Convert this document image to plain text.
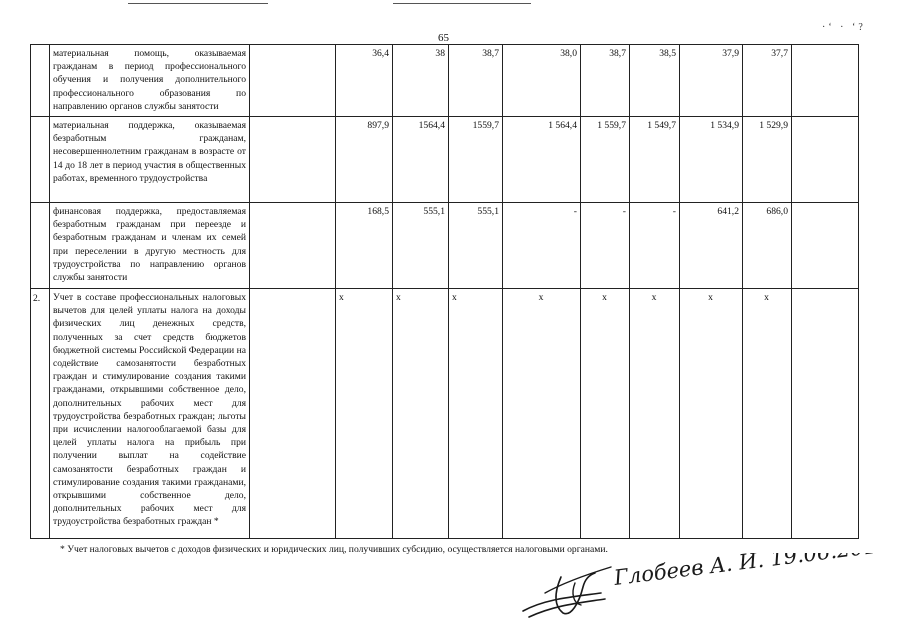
65
·‘ · ‘?
	материальная помощь, оказываемая гражданам в период профессионального обучения и получения дополнительного профессионального образования по направлению органов службы занятости		36,4	38	38,7	38,0	38,7	38,5	37,9	37,7	
	материальная поддержка, оказываемая безработным гражданам, несовершеннолетним гражданам в возрасте от 14 до 18 лет в период участия в общественных работах, временного трудоустройства		897,9	1564,4	1559,7	1 564,4	1 559,7	1 549,7	1 534,9	1 529,9	
	финансовая поддержка, предоставляемая безработным гражданам при переезде и безработным гражданам и членам их семей при переселении в другую местность для трудоустройства по направлению органов службы занятости		168,5	555,1	555,1	-	-	-	641,2	686,0	
2.	Учет в составе профессиональных налоговых вычетов для целей уплаты налога на доходы физических лиц денежных средств, полученных за счет средств бюджетов бюджетной системы Российской Федерации на содействие самозанятости безработных граждан и стимулирование создания такими гражданами, открывшими собственное дело, дополнительных рабочих мест для трудоустройства безработных граждан; льготы при исчислении налогооблагаемой базы для целей уплаты налога на прибыль при получении выплат на содействие самозанятости безработных граждан и стимулирование создания такими гражданами, открывшими собственное дело, дополнительных рабочих мест для трудоустройства безработных граждан *		x	x	x	x	x	x	x	x	
* Учет налоговых вычетов с доходов физических и юридических лиц, получивших субсидию, осуществляется налоговыми органами. Глобеев А. И. 19.06.2017г
